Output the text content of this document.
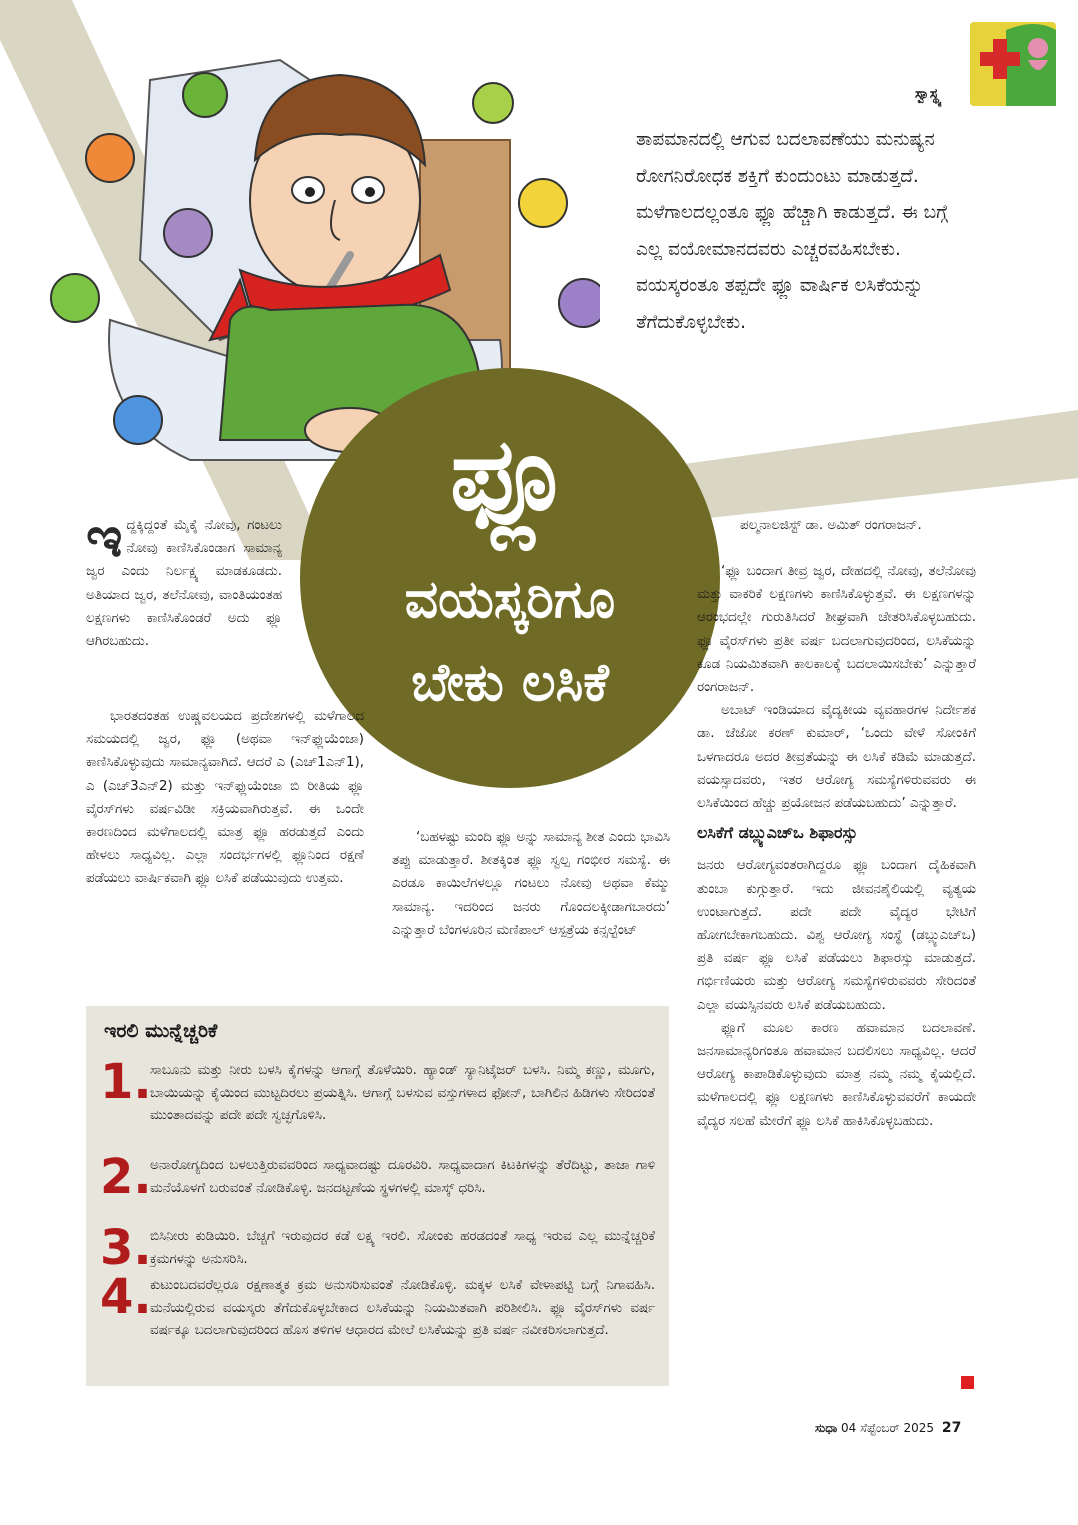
ಸ್ವಾಸ್ಥ್ಯ
ತಾಪಮಾನದಲ್ಲಿ ಆಗುವ ಬದಲಾವಣೆಯು ಮನುಷ್ಯನ ರೋಗನಿರೋಧಕ ಶಕ್ತಿಗೆ ಕುಂದುಂಟು ಮಾಡುತ್ತದೆ. ಮಳೆಗಾಲದಲ್ಲಂತೂ ಫ್ಲೂ ಹೆಚ್ಚಾಗಿ ಕಾಡುತ್ತದೆ. ಈ ಬಗ್ಗೆ ಎಲ್ಲ ವಯೋಮಾನದವರು ಎಚ್ಚರವಹಿಸಬೇಕು. ವಯಸ್ಕರಂತೂ ತಪ್ಪದೇ ಫ್ಲೂ ವಾರ್ಷಿಕ ಲಸಿಕೆಯನ್ನು ತೆಗೆದುಕೊಳ್ಳಬೇಕು.
ಫ್ಲೂ
ವಯಸ್ಕರಿಗೂ
ಬೇಕು ಲಸಿಕೆ
ಇ ದ್ದಕ್ಕಿದ್ದಂತೆ ಮೈಕೈ ನೋವು, ಗಂಟಲು ನೋವು ಕಾಣಿಸಿಕೊಂಡಾಗ ಸಾಮಾನ್ಯ ಜ್ವರ ಎಂದು ನಿರ್ಲಕ್ಷ್ಯ ಮಾಡಕೂಡದು. ಅತಿಯಾದ ಜ್ವರ, ತಲೆನೋವು, ವಾಂತಿಯಂತಹ ಲಕ್ಷಣಗಳು ಕಾಣಿಸಿಕೊಂಡರೆ ಅದು ಫ್ಲೂ ಆಗಿರಬಹುದು.

ಭಾರತದಂತಹ ಉಷ್ಣವಲಯದ ಪ್ರದೇಶಗಳಲ್ಲಿ ಮಳೆಗಾಲದ ಸಮಯದಲ್ಲಿ ಜ್ವರ, ಫ್ಲೂ (ಅಥವಾ ಇನ್‌ಫ್ಲುಯೆಂಜಾ) ಕಾಣಿಸಿಕೊಳ್ಳುವುದು ಸಾಮಾನ್ಯವಾಗಿದೆ. ಆದರೆ ಎ (ಎಚ್1ಎನ್1), ಎ (ಎಚ್3ಎನ್2) ಮತ್ತು ಇನ್‌ಫ್ಲುಯೆಂಜಾ ಬಿ ರೀತಿಯ ಫ್ಲೂ ವೈರಸ್‌ಗಳು ವರ್ಷವಿಡೀ ಸಕ್ರಿಯವಾಗಿರುತ್ತವೆ. ಈ ಒಂದೇ ಕಾರಣದಿಂದ ಮಳೆಗಾಲದಲ್ಲಿ ಮಾತ್ರ ಫ್ಲೂ ಹರಡುತ್ತದೆ ಎಂದು ಹೇಳಲು ಸಾಧ್ಯವಿಲ್ಲ. ಎಲ್ಲಾ ಸಂದರ್ಭಗಳಲ್ಲಿ ಫ್ಲೂನಿಂದ ರಕ್ಷಣೆ ಪಡೆಯಲು ವಾರ್ಷಿಕವಾಗಿ ಫ್ಲೂ ಲಸಿಕೆ ಪಡೆಯುವುದು ಉತ್ತಮ.

‘ಬಹಳಷ್ಟು ಮಂದಿ ಫ್ಲೂ ಅನ್ನು ಸಾಮಾನ್ಯ ಶೀತ ಎಂದು ಭಾವಿಸಿ ತಪ್ಪು ಮಾಡುತ್ತಾರೆ. ಶೀತಕ್ಕಿಂತ ಫ್ಲೂ ಸ್ವಲ್ಪ ಗಂಭೀರ ಸಮಸ್ಯೆ. ಈ ಎರಡೂ ಕಾಯಿಲೆಗಳಲ್ಲೂ ಗಂಟಲು ನೋವು ಅಥವಾ ಕೆಮ್ಮು ಸಾಮಾನ್ಯ. ಇದರಿಂದ ಜನರು ಗೊಂದಲಕ್ಕೀಡಾಗಬಾರದು’ ಎನ್ನುತ್ತಾರೆ ಬೆಂಗಳೂರಿನ ಮಣಿಪಾಲ್ ಆಸ್ಪತ್ರೆಯ ಕನ್ಸಲ್ಟೆಂಟ್

ಪಲ್ಮನಾಲಜಿಸ್ಟ್ ಡಾ. ಅಮಿತ್ ರಂಗರಾಜನ್.

‘ಫ್ಲೂ ಬಂದಾಗ ತೀವ್ರ ಜ್ವರ, ದೇಹದಲ್ಲಿ ನೋವು, ತಲೆನೋವು ಮತ್ತು ವಾಕರಿಕೆ ಲಕ್ಷಣಗಳು ಕಾಣಿಸಿಕೊಳ್ಳುತ್ತವೆ. ಈ ಲಕ್ಷಣಗಳನ್ನು ಆರಂಭದಲ್ಲೇ ಗುರುತಿಸಿದರೆ ಶೀಘ್ರವಾಗಿ ಚೇತರಿಸಿಕೊಳ್ಳಬಹುದು. ಫ್ಲೂ ವೈರಸ್‌ಗಳು ಪ್ರತೀ ವರ್ಷ ಬದಲಾಗುವುದರಿಂದ, ಲಸಿಕೆಯನ್ನು ಕೂಡ ನಿಯಮಿತವಾಗಿ ಕಾಲಕಾಲಕ್ಕೆ ಬದಲಾಯಿಸಬೇಕು’ ಎನ್ನುತ್ತಾರೆ ರಂಗರಾಜನ್.

ಅಬಾಟ್ ಇಂಡಿಯಾದ ವೈದ್ಯಕೀಯ ವ್ಯವಹಾರಗಳ ನಿರ್ದೇಶಕ ಡಾ. ಜೆಜೋ ಕರಣ್ ಕುಮಾರ್, ‘ಒಂದು ವೇಳೆ ಸೋಂಕಿಗೆ ಒಳಗಾದರೂ ಅದರ ತೀವ್ರತೆಯನ್ನು ಈ ಲಸಿಕೆ ಕಡಿಮೆ ಮಾಡುತ್ತದೆ. ವಯಸ್ಸಾದವರು, ಇತರ ಆರೋಗ್ಯ ಸಮಸ್ಯೆಗಳಿರುವವರು ಈ ಲಸಿಕೆಯಿಂದ ಹೆಚ್ಚು ಪ್ರಯೋಜನ ಪಡೆಯಬಹುದು’ ಎನ್ನುತ್ತಾರೆ.

ಲಸಿಕೆಗೆ ಡಬ್ಲ್ಯುಎಚ್‌ಒ ಶಿಫಾರಸ್ಸು

ಜನರು ಆರೋಗ್ಯವಂತರಾಗಿದ್ದರೂ ಫ್ಲೂ ಬಂದಾಗ ದೈಹಿಕವಾಗಿ ತುಂಬಾ ಕುಗ್ಗುತ್ತಾರೆ. ಇದು ಜೀವನಶೈಲಿಯಲ್ಲಿ ವ್ಯತ್ಯಯ ಉಂಟಾಗುತ್ತದೆ. ಪದೇ ಪದೇ ವೈದ್ಯರ ಭೇಟಿಗೆ ಹೋಗಬೇಕಾಗಬಹುದು. ವಿಶ್ವ ಆರೋಗ್ಯ ಸಂಸ್ಥೆ (ಡಬ್ಲ್ಯುಎಚ್‌ಒ) ಪ್ರತಿ ವರ್ಷ ಫ್ಲೂ ಲಸಿಕೆ ಪಡೆಯಲು ಶಿಫಾರಸ್ಸು ಮಾಡುತ್ತದೆ. ಗರ್ಭಿಣಿಯರು ಮತ್ತು ಆರೋಗ್ಯ ಸಮಸ್ಯೆಗಳಿರುವವರು ಸೇರಿದಂತೆ ಎಲ್ಲಾ ವಯಸ್ಸಿನವರು ಲಸಿಕೆ ಪಡೆಯಬಹುದು.

ಫ್ಲೂಗೆ ಮೂಲ ಕಾರಣ ಹವಾಮಾನ ಬದಲಾವಣೆ. ಜನಸಾಮಾನ್ಯರಿಗಂತೂ ಹವಾಮಾನ ಬದಲಿಸಲು ಸಾಧ್ಯವಿಲ್ಲ. ಆದರೆ ಆರೋಗ್ಯ ಕಾಪಾಡಿಕೊಳ್ಳುವುದು ಮಾತ್ರ ನಮ್ಮ ನಮ್ಮ ಕೈಯಲ್ಲಿದೆ. ಮಳೆಗಾಲದಲ್ಲಿ ಫ್ಲೂ ಲಕ್ಷಣಗಳು ಕಾಣಿಸಿಕೊಳ್ಳುವವರೆಗೆ ಕಾಯದೇ ವೈದ್ಯರ ಸಲಹೆ ಮೇರೆಗೆ ಫ್ಲೂ ಲಸಿಕೆ ಹಾಕಿಸಿಕೊಳ್ಳಬಹುದು.

ಇರಲಿ ಮುನ್ನೆಚ್ಚರಿಕೆ
1.
ಸಾಬೂನು ಮತ್ತು ನೀರು ಬಳಸಿ ಕೈಗಳನ್ನು ಆಗಾಗ್ಗೆ ತೊಳೆಯಿರಿ. ಹ್ಯಾಂಡ್ ಸ್ಯಾನಿಟೈಜರ್ ಬಳಸಿ. ನಿಮ್ಮ ಕಣ್ಣು, ಮೂಗು, ಬಾಯಿಯನ್ನು ಕೈಯಿಂದ ಮುಟ್ಟದಿರಲು ಪ್ರಯತ್ನಿಸಿ. ಆಗಾಗ್ಗೆ ಬಳಸುವ ವಸ್ತುಗಳಾದ ಫೋನ್, ಬಾಗಿಲಿನ ಹಿಡಿಗಳು ಸೇರಿದಂತೆ ಮುಂತಾದವನ್ನು ಪದೇ ಪದೇ ಸ್ವಚ್ಛಗೊಳಿಸಿ.
2.
ಅನಾರೋಗ್ಯದಿಂದ ಬಳಲುತ್ತಿರುವವರಿಂದ ಸಾಧ್ಯವಾದಷ್ಟು ದೂರವಿರಿ. ಸಾಧ್ಯವಾದಾಗ ಕಿಟಕಿಗಳನ್ನು ತೆರೆದಿಟ್ಟು, ತಾಜಾ ಗಾಳಿ ಮನೆಯೊಳಗೆ ಬರುವಂತೆ ನೋಡಿಕೊಳ್ಳಿ. ಜನದಟ್ಟಣೆಯ ಸ್ಥಳಗಳಲ್ಲಿ ಮಾಸ್ಕ್ ಧರಿಸಿ.
3.
ಬಿಸಿನೀರು ಕುಡಿಯಿರಿ. ಬೆಚ್ಚಗೆ ಇರುವುದರ ಕಡೆ ಲಕ್ಷ್ಯ ಇರಲಿ. ಸೋಂಕು ಹರಡದಂತೆ ಸಾಧ್ಯ ಇರುವ ಎಲ್ಲ ಮುನ್ನೆಚ್ಚರಿಕೆ ಕ್ರಮಗಳನ್ನು ಅನುಸರಿಸಿ.
4.
ಕುಟುಂಬದವರೆಲ್ಲರೂ ರಕ್ಷಣಾತ್ಮಕ ಕ್ರಮ ಅನುಸರಿಸುವಂತೆ ನೋಡಿಕೊಳ್ಳಿ. ಮಕ್ಕಳ ಲಸಿಕೆ ವೇಳಾಪಟ್ಟಿ ಬಗ್ಗೆ ನಿಗಾವಹಿಸಿ. ಮನೆಯಲ್ಲಿರುವ ವಯಸ್ಕರು ತೆಗೆದುಕೊಳ್ಳಬೇಕಾದ ಲಸಿಕೆಯನ್ನು ನಿಯಮಿತವಾಗಿ ಪರಿಶೀಲಿಸಿ. ಫ್ಲೂ ವೈರಸ್‌ಗಳು ವರ್ಷ ವರ್ಷಕ್ಕೂ ಬದಲಾಗುವುದರಿಂದ ಹೊಸ ತಳಿಗಳ ಆಧಾರದ ಮೇಲೆ ಲಸಿಕೆಯನ್ನು ಪ್ರತಿ ವರ್ಷ ನವೀಕರಿಸಲಾಗುತ್ತದೆ.
ಸುಧಾ 04 ಸೆಪ್ಟೆಂಬರ್ 2025 27
